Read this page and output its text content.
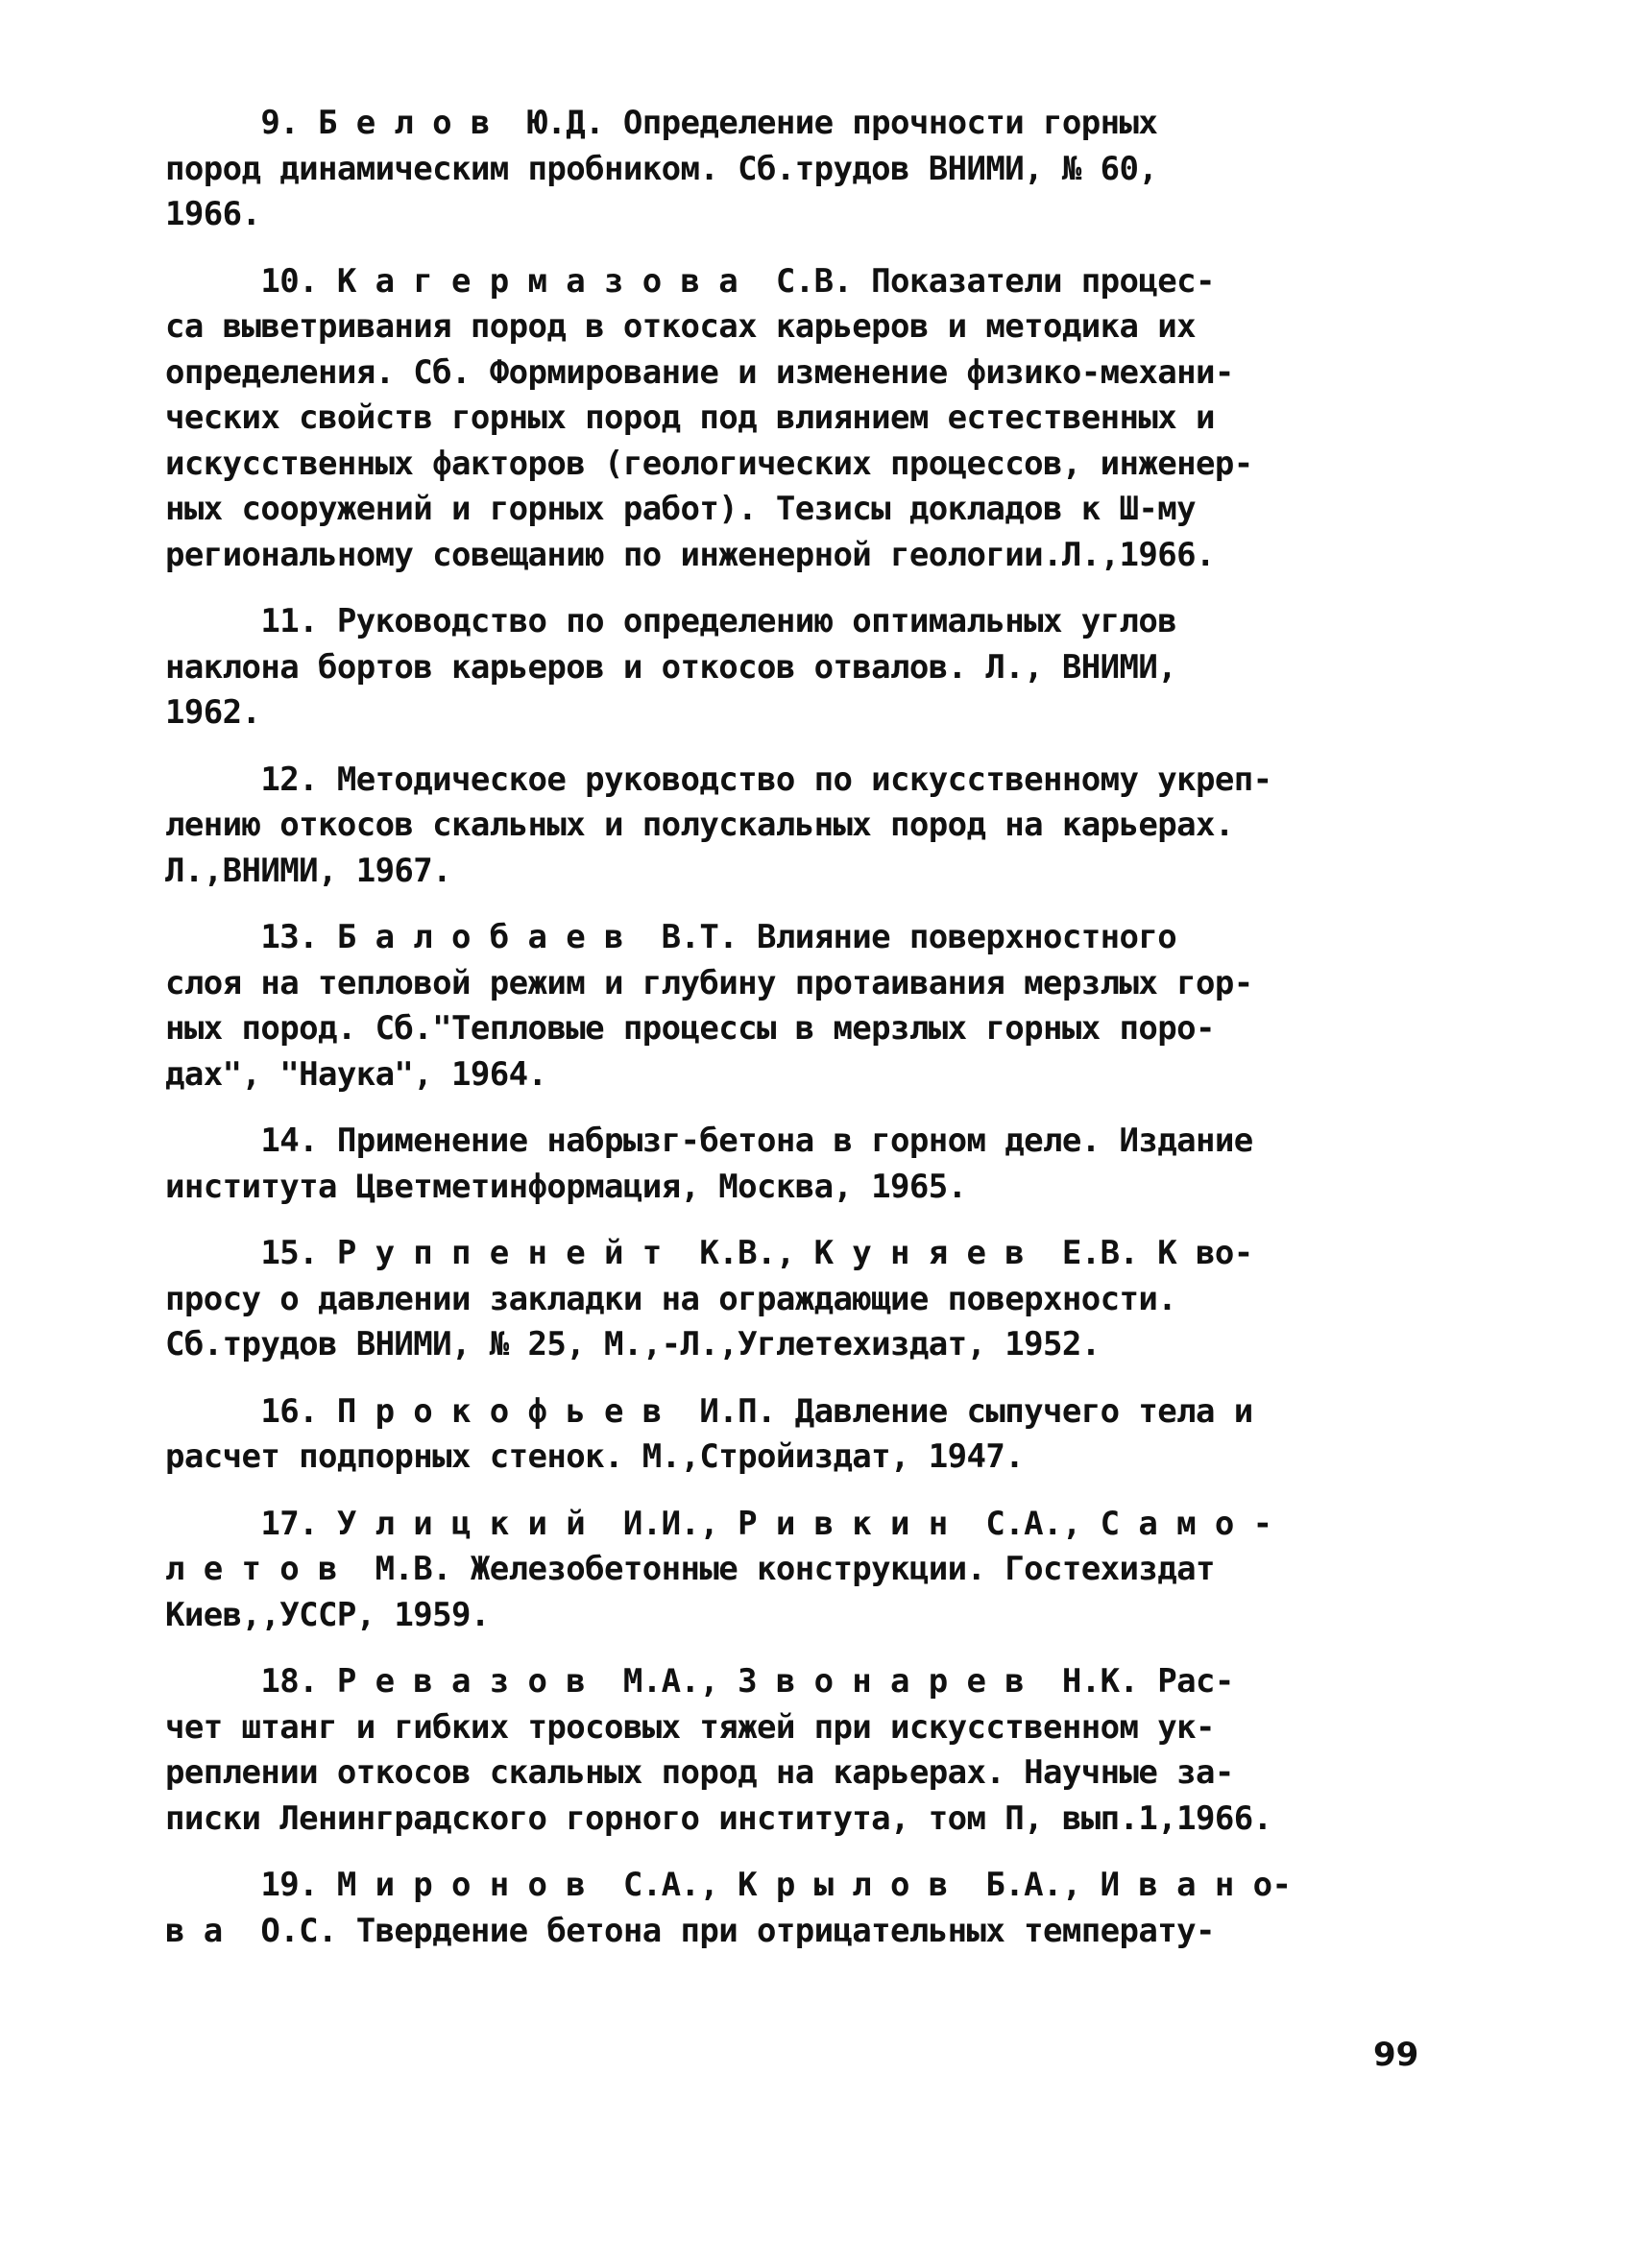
9. Б е л о в  Ю.Д. Определение прочности горных
пород динамическим пробником. Сб.трудов ВНИМИ, № 60,
1966.
10. К а г е р м а з о в а  С.В. Показатели процес-
са выветривания пород в откосах карьеров и методика их
определения. Сб. Формирование и изменение физико-механи-
ческих свойств горных пород под влиянием естественных и
искусственных факторов (геологических процессов, инженер-
ных сооружений и горных работ). Тезисы докладов к Ш-му
региональному совещанию по инженерной геологии.Л.,1966.
11. Руководство по определению оптимальных углов
наклона бортов карьеров и откосов отвалов. Л., ВНИМИ,
1962.
12. Методическое руководство по искусственному укреп-
лению откосов скальных и полускальных пород на карьерах.
Л.,ВНИМИ, 1967.
13. Б а л о б а е в  В.Т. Влияние поверхностного
слоя на тепловой режим и глубину протаивания мерзлых гор-
ных пород. Сб."Тепловые процессы в мерзлых горных поро-
дах", "Наука", 1964.
14. Применение набрызг-бетона в горном деле. Издание
института Цветметинформация, Москва, 1965.
15. Р у п п е н е й т  К.В., К у н я е в  Е.В. К во-
просу о давлении закладки на ограждающие поверхности.
Сб.трудов ВНИМИ, № 25, М.,-Л.,Углетехиздат, 1952.
16. П р о к о ф ь е в  И.П. Давление сыпучего тела и
расчет подпорных стенок. М.,Стройиздат, 1947.
17. У л и ц к и й  И.И., Р и в к и н  С.А., С а м о -
л е т о в  М.В. Железобетонные конструкции. Гостехиздат
Киев,,УССР, 1959.
18. Р е в а з о в  М.А., З в о н а р е в  Н.К. Рас-
чет штанг и гибких тросовых тяжей при искусственном ук-
реплении откосов скальных пород на карьерах. Научные за-
писки Ленинградского горного института, том П, вып.1,1966.
19. М и р о н о в  С.А., К р ы л о в  Б.А., И в а н о-
в а  О.С. Твердение бетона при отрицательных температу-
99
